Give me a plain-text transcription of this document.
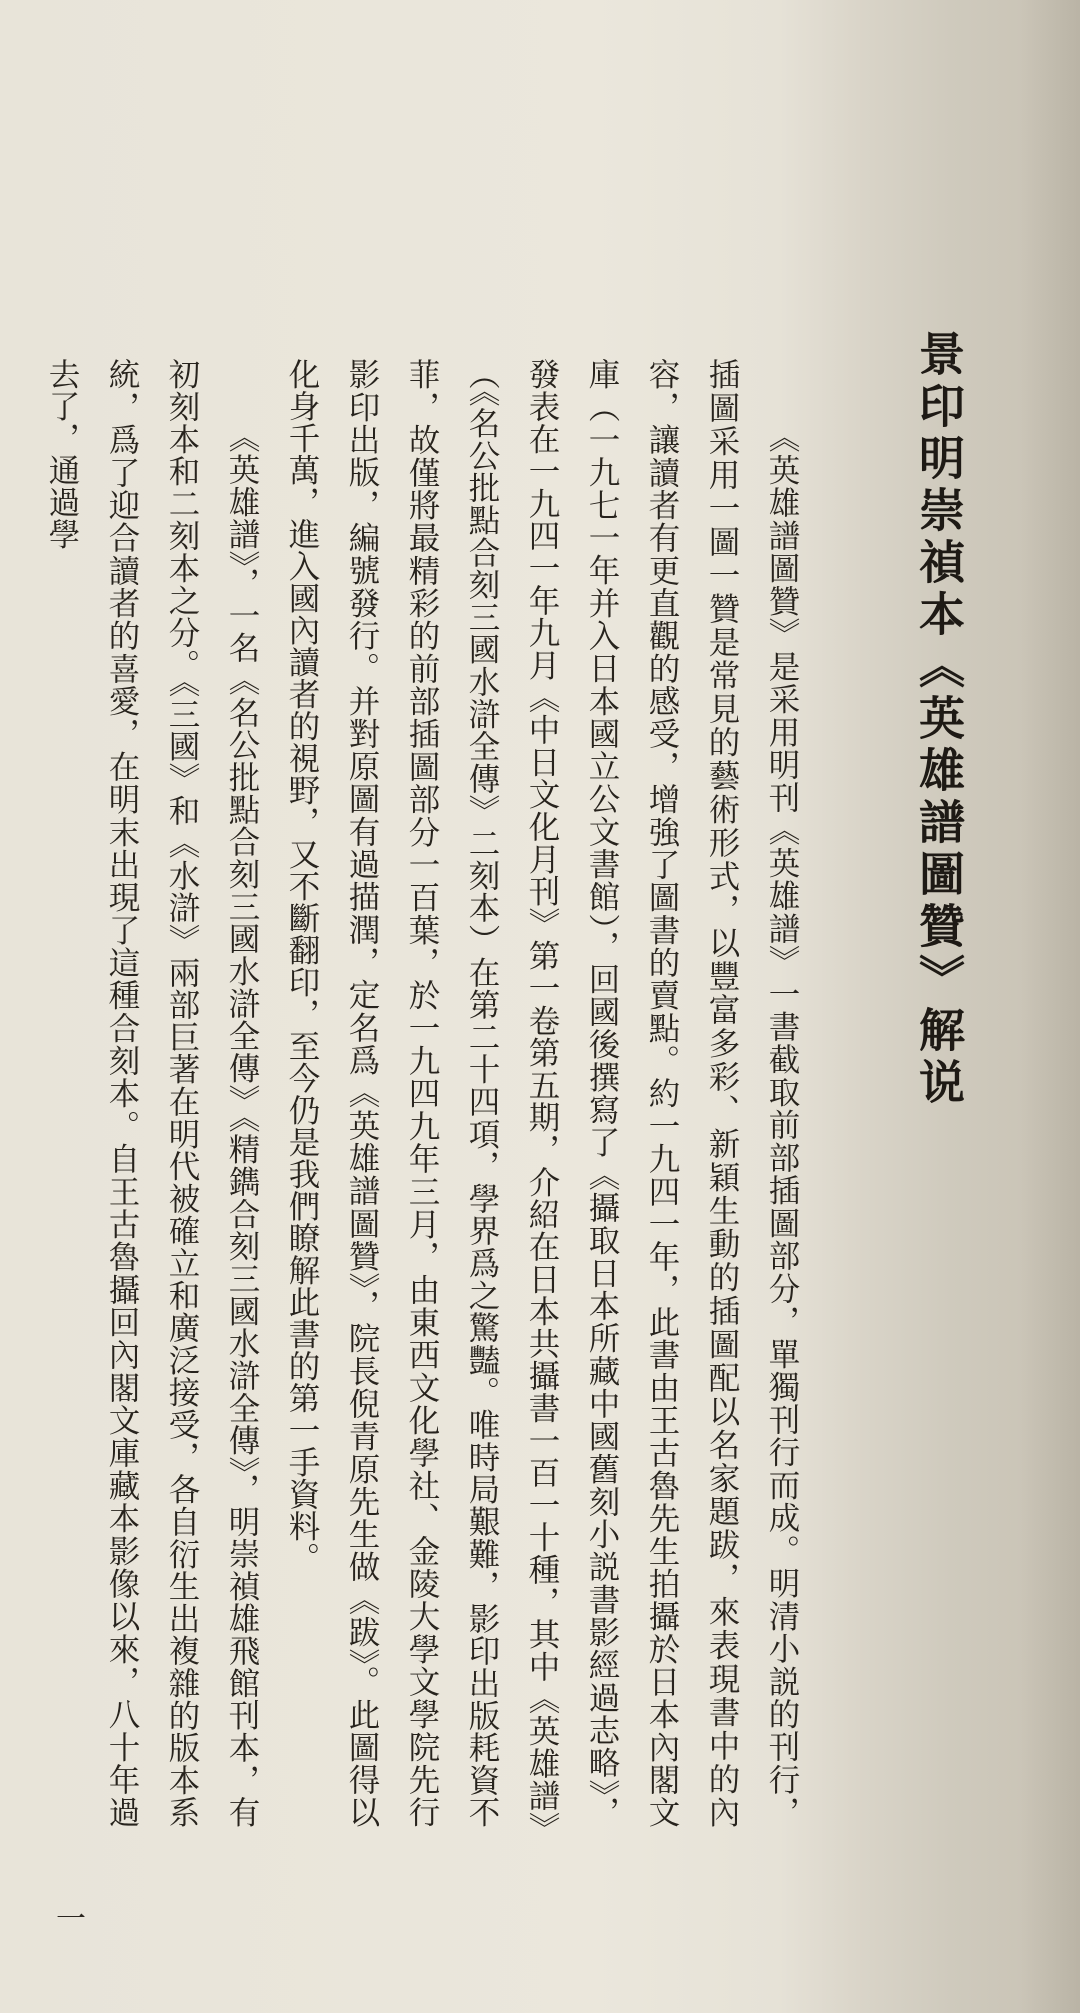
景印明崇禎本《英雄譜圖贊》解说

《英雄譜圖贊》是采用明刊《英雄譜》一書截取前部插圖部分，單獨刊行而成。明清小説的刊行，插圖采用一圖一贊是常見的藝術形式，以豐富多彩、新穎生動的插圖配以名家題跋，來表現書中的內容，讓讀者有更直觀的感受，增強了圖書的賣點。約一九四一年，此書由王古魯先生拍攝於日本內閣文庫（一九七一年并入日本國立公文書館），回國後撰寫了《攝取日本所藏中國舊刻小説書影經過志略》，發表在一九四一年九月《中日文化月刊》第一卷第五期，介紹在日本共攝書一百一十種，其中《英雄譜》（《名公批點合刻三國水滸全傳》二刻本）在第二十四項，學界爲之驚豔。唯時局艱難，影印出版耗資不菲，故僅將最精彩的前部插圖部分一百葉，於一九四九年三月，由東西文化學社、金陵大學文學院先行影印出版，編號發行。并對原圖有過描潤，定名爲《英雄譜圖贊》，院長倪青原先生做《跋》。此圖得以化身千萬，進入國內讀者的視野，又不斷翻印，至今仍是我們瞭解此書的第一手資料。

《英雄譜》，一名《名公批點合刻三國水滸全傳》《精鐫合刻三國水滸全傳》，明崇禎雄飛館刊本，有初刻本和二刻本之分。《三國》和《水滸》兩部巨著在明代被確立和廣泛接受，各自衍生出複雜的版本系統，爲了迎合讀者的喜愛，在明末出現了這種合刻本。自王古魯攝回內閣文庫藏本影像以來，八十年過去了，通過學

一
